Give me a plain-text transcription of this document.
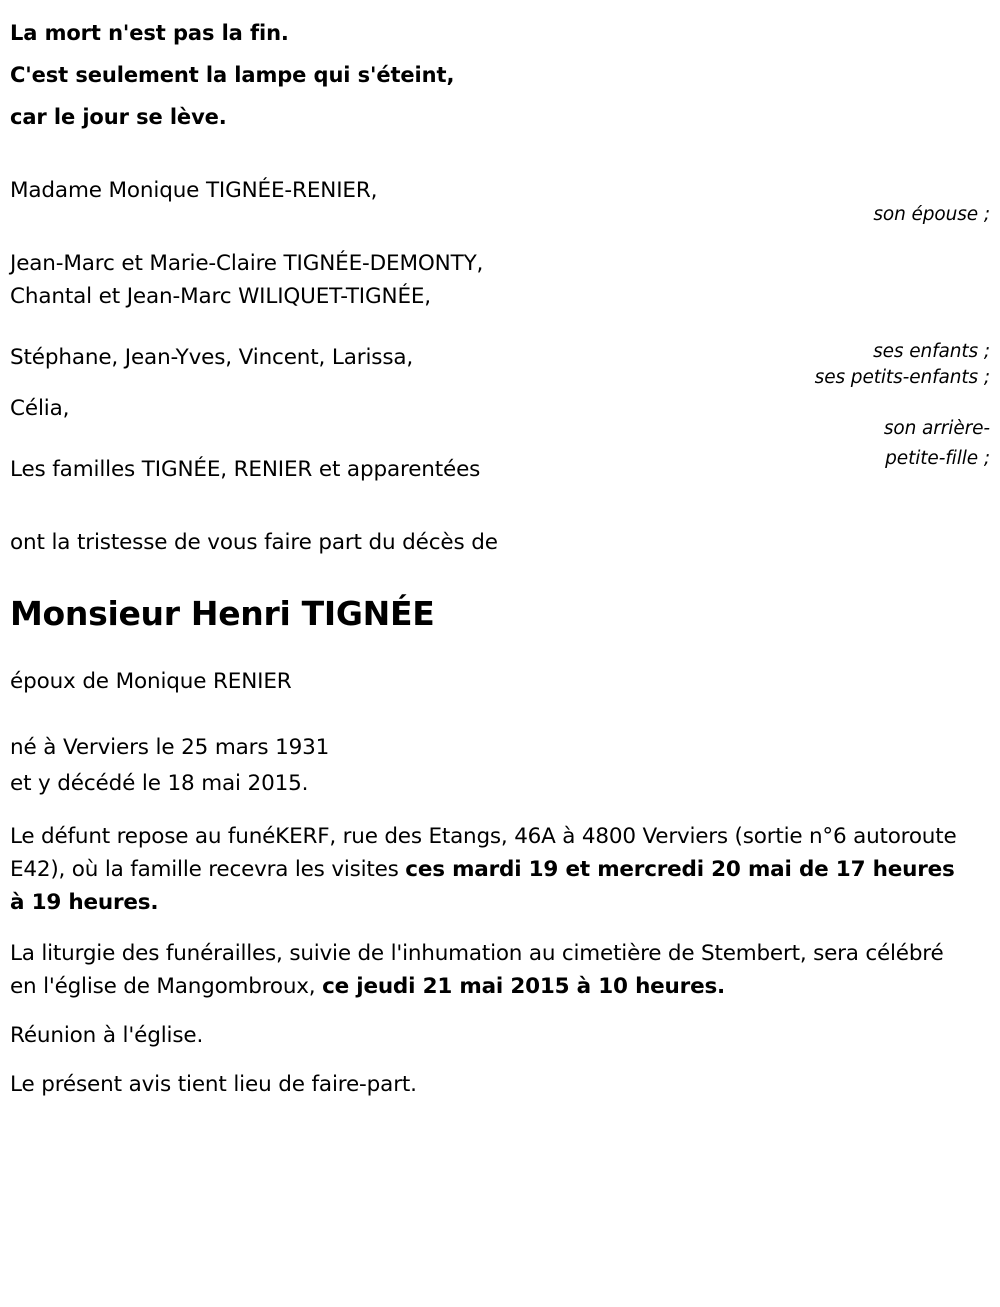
La mort n'est pas la fin.
C'est seulement la lampe qui s'éteint,
car le jour se lève.
Madame Monique TIGNÉE-RENIER,
son épouse ;
Jean-Marc et Marie-Claire TIGNÉE-DEMONTY,
Chantal et Jean-Marc WILIQUET-TIGNÉE,
ses enfants ;
Stéphane, Jean-Yves, Vincent, Larissa,
ses petits-enfants ;
Célia,
son arrière-
petite-fille ;
Les familles TIGNÉE, RENIER et apparentées
ont la tristesse de vous faire part du décès de
Monsieur Henri TIGNÉE
époux de Monique RENIER
né à Verviers le 25 mars 1931
et y décédé le 18 mai 2015.
Le défunt repose au funéKERF, rue des Etangs, 46A à 4800 Verviers (sortie n°6 autoroute E42), où la famille recevra les visites ces mardi 19 et mercredi 20 mai de 17 heures à 19 heures.
La liturgie des funérailles, suivie de l'inhumation au cimetière de Stembert, sera célébré en l'église de Mangombroux, ce jeudi 21 mai 2015 à 10 heures.
Réunion à l'église.
Le présent avis tient lieu de faire-part.
